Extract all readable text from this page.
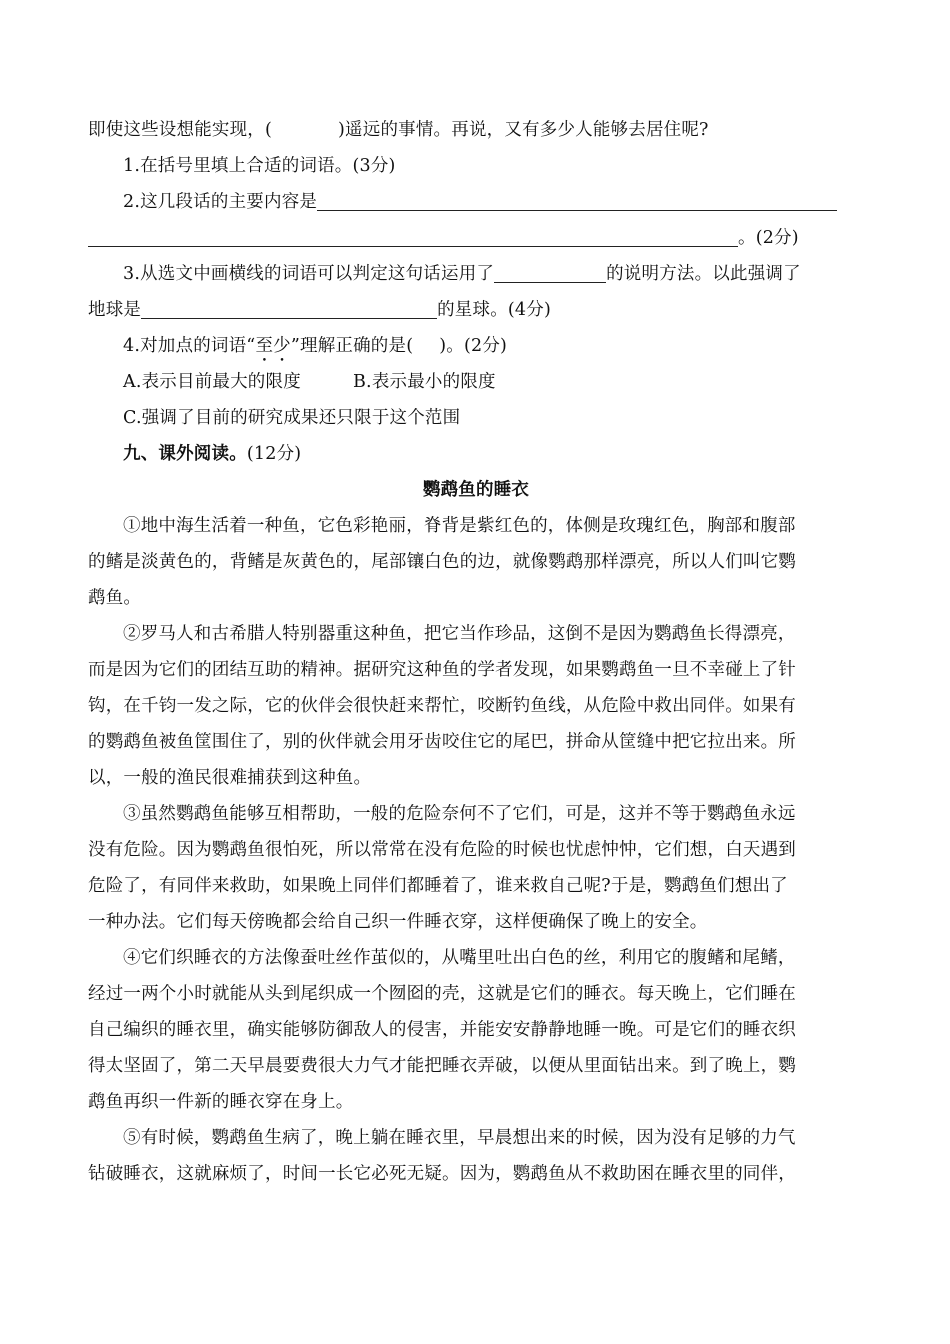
即使这些设想能实现，(	)遥远的事情。再说，又有多少人能够去居住呢?
1.在括号里填上合适的词语。(3分)
2.这几段话的主要内容是
。(2分)
3.从选文中画横线的词语可以判定这句话运用了	的说明方法。以此强调了
地球是	的星球。(4分)
4.对加点的词语“至少”理解正确的是( )。(2分)
A.表示目前最大的限度	B.表示最小的限度
C.强调了目前的研究成果还只限于这个范围
九、课外阅读。(12分)
鹦鹉鱼的睡衣
①地中海生活着一种鱼，它色彩艳丽，脊背是紫红色的，体侧是玫瑰红色，胸部和腹部
的鳍是淡黄色的，背鳍是灰黄色的，尾部镶白色的边，就像鹦鹉那样漂亮，所以人们叫它鹦
鹉鱼。
②罗马人和古希腊人特别器重这种鱼，把它当作珍品，这倒不是因为鹦鹉鱼长得漂亮，
而是因为它们的团结互助的精神。据研究这种鱼的学者发现，如果鹦鹉鱼一旦不幸碰上了针
钩，在千钧一发之际，它的伙伴会很快赶来帮忙，咬断钓鱼线，从危险中救出同伴。如果有
的鹦鹉鱼被鱼筐围住了，别的伙伴就会用牙齿咬住它的尾巴，拼命从筐缝中把它拉出来。所
以，一般的渔民很难捕获到这种鱼。
③虽然鹦鹉鱼能够互相帮助，一般的危险奈何不了它们，可是，这并不等于鹦鹉鱼永远
没有危险。因为鹦鹉鱼很怕死，所以常常在没有危险的时候也忧虑忡忡，它们想，白天遇到
危险了，有同伴来救助，如果晚上同伴们都睡着了，谁来救自己呢?于是，鹦鹉鱼们想出了
一种办法。它们每天傍晚都会给自己织一件睡衣穿，这样便确保了晚上的安全。
④它们织睡衣的方法像蚕吐丝作茧似的，从嘴里吐出白色的丝，利用它的腹鳍和尾鳍，
经过一两个小时就能从头到尾织成一个囫囵的壳，这就是它们的睡衣。每天晚上，它们睡在
自己编织的睡衣里，确实能够防御敌人的侵害，并能安安静静地睡一晚。可是它们的睡衣织
得太坚固了，第二天早晨要费很大力气才能把睡衣弄破，以便从里面钻出来。到了晚上，鹦
鹉鱼再织一件新的睡衣穿在身上。
⑤有时候，鹦鹉鱼生病了，晚上躺在睡衣里，早晨想出来的时候，因为没有足够的力气
钻破睡衣，这就麻烦了，时间一长它必死无疑。因为，鹦鹉鱼从不救助困在睡衣里的同伴，
